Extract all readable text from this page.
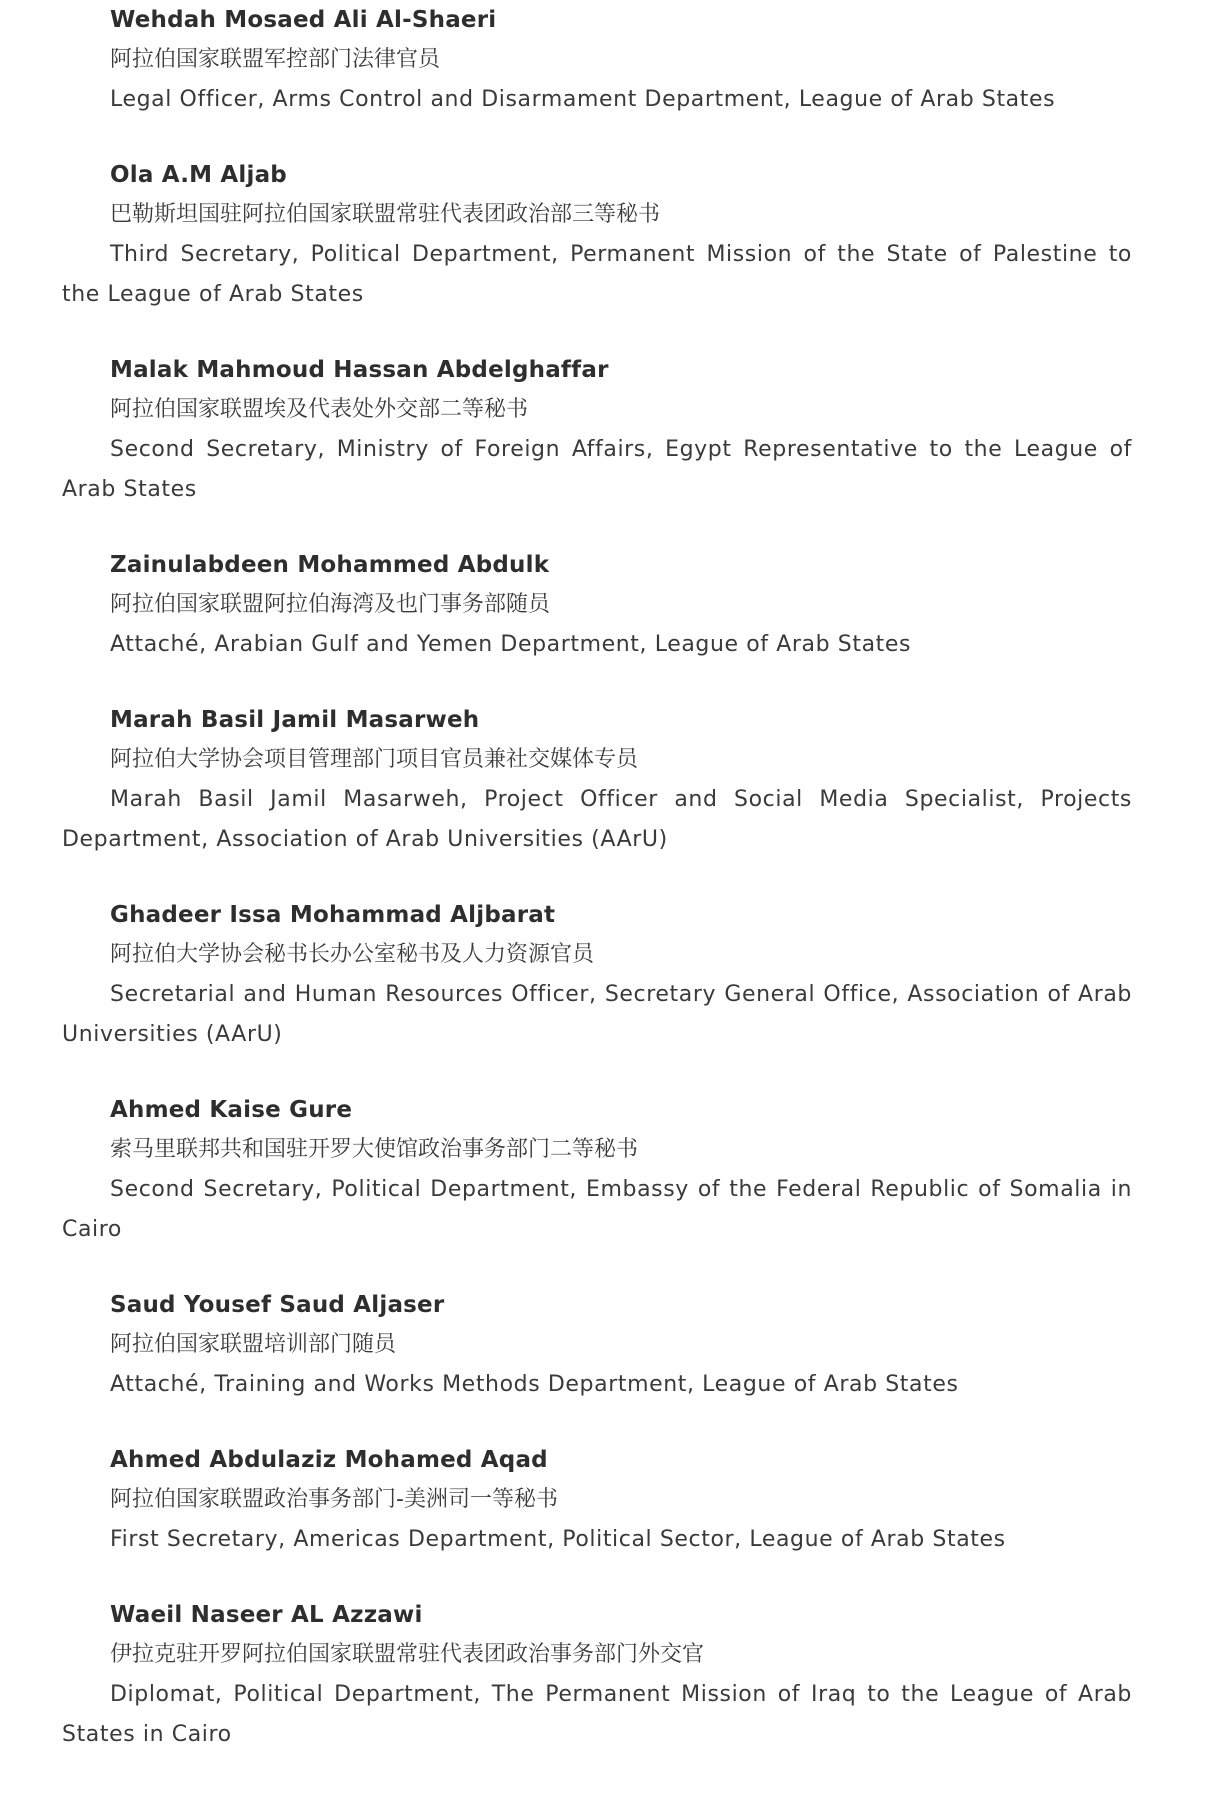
Wehdah Mosaed Ali Al-Shaeri
阿拉伯国家联盟军控部门法律官员
Legal Officer, Arms Control and Disarmament Department, League of Arab States
Ola A.M Aljab
巴勒斯坦国驻阿拉伯国家联盟常驻代表团政治部三等秘书
Third Secretary, Political Department, Permanent Mission of the State of Palestine to the League of Arab States
Malak Mahmoud Hassan Abdelghaffar
阿拉伯国家联盟埃及代表处外交部二等秘书
Second Secretary, Ministry of Foreign Affairs, Egypt Representative to the League of Arab States
Zainulabdeen Mohammed Abdulk
阿拉伯国家联盟阿拉伯海湾及也门事务部随员
Attaché, Arabian Gulf and Yemen Department, League of Arab States
Marah Basil Jamil Masarweh
阿拉伯大学协会项目管理部门项目官员兼社交媒体专员
Marah Basil Jamil Masarweh, Project Officer and Social Media Specialist, Projects Department, Association of Arab Universities (AArU)
Ghadeer Issa Mohammad Aljbarat
阿拉伯大学协会秘书长办公室秘书及人力资源官员
Secretarial and Human Resources Officer, Secretary General Office, Association of Arab Universities (AArU)
Ahmed Kaise Gure
索马里联邦共和国驻开罗大使馆政治事务部门二等秘书
Second Secretary, Political Department, Embassy of the Federal Republic of Somalia in Cairo
Saud Yousef Saud Aljaser
阿拉伯国家联盟培训部门随员
Attaché, Training and Works Methods Department, League of Arab States
Ahmed Abdulaziz Mohamed Aqad
阿拉伯国家联盟政治事务部门-美洲司一等秘书
First Secretary, Americas Department, Political Sector, League of Arab States
Waeil Naseer AL Azzawi
伊拉克驻开罗阿拉伯国家联盟常驻代表团政治事务部门外交官
Diplomat, Political Department, The Permanent Mission of Iraq to the League of Arab States in Cairo
